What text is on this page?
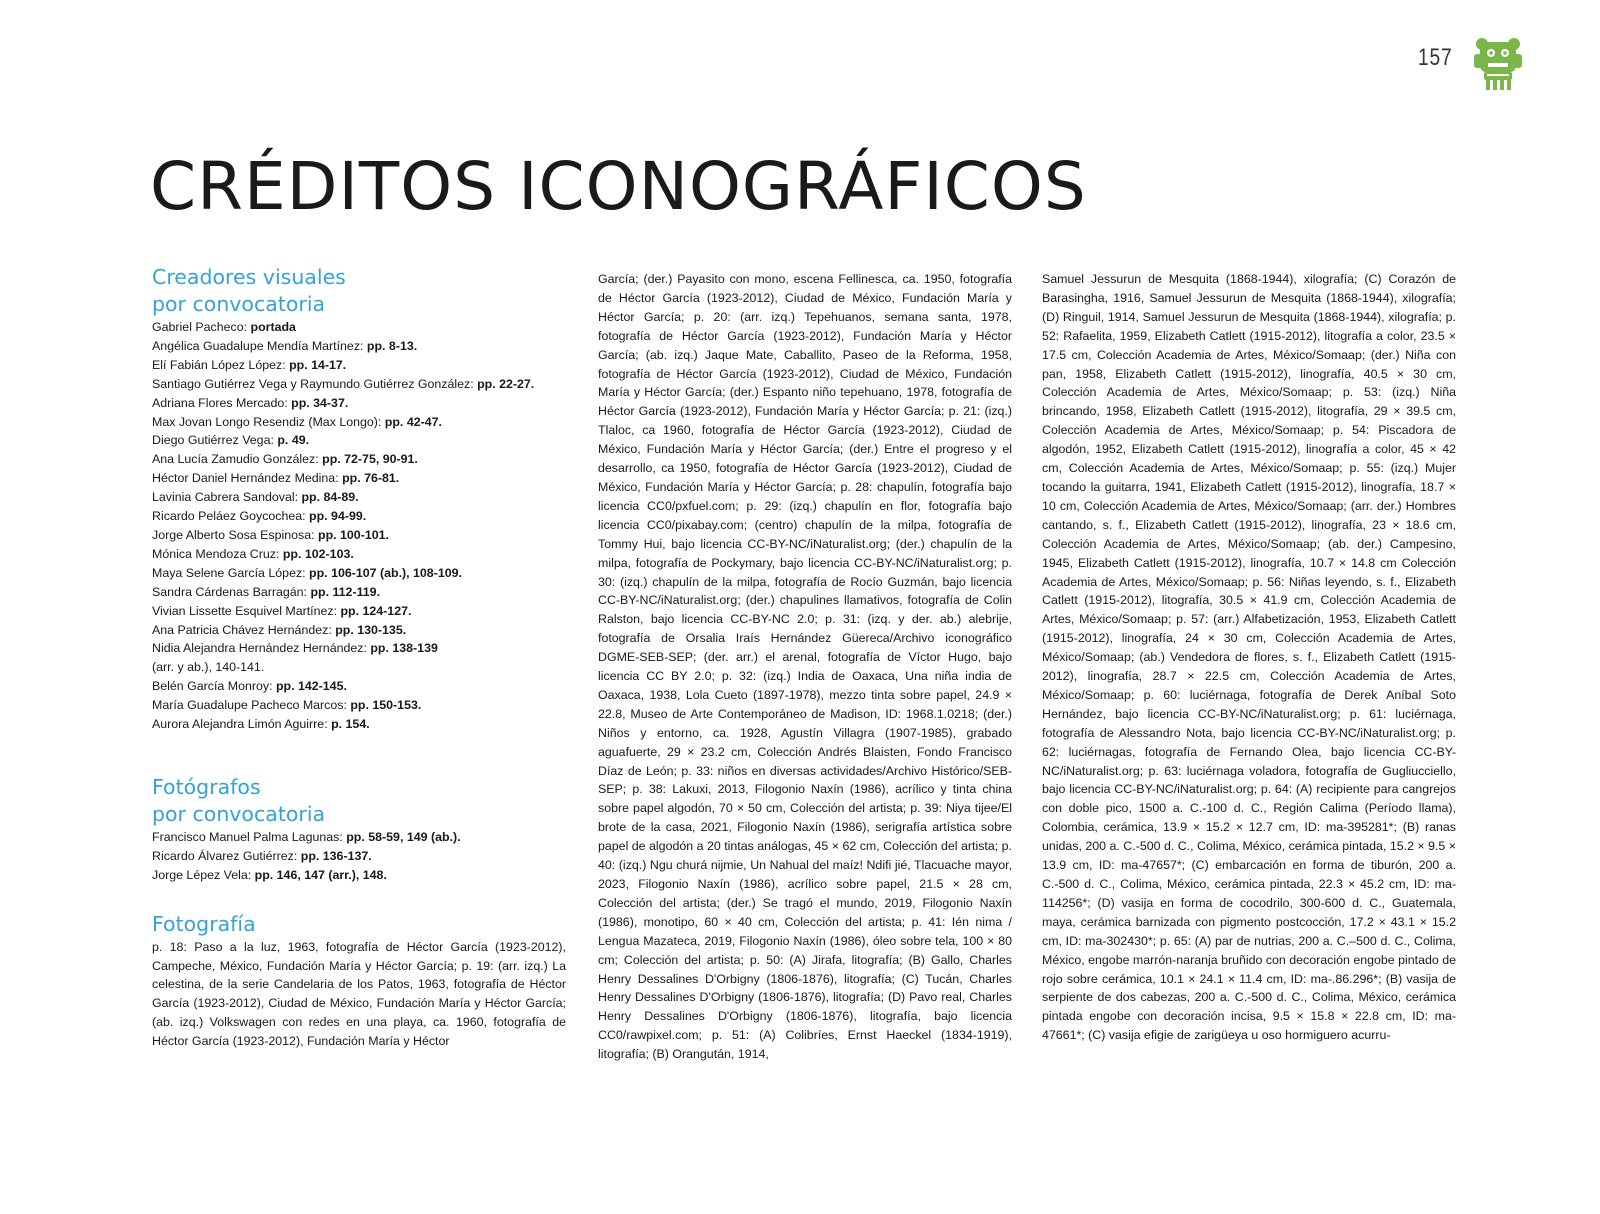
157
CRÉDITOS ICONOGRÁFICOS
Creadores visuales
por convocatoria
Gabriel Pacheco: portada
Angélica Guadalupe Mendía Martínez: pp. 8-13.
Elí Fabián López López: pp. 14-17.
Santiago Gutiérrez Vega y Raymundo Gutiérrez González: pp. 22-27.
Adriana Flores Mercado: pp. 34-37.
Max Jovan Longo Resendiz (Max Longo): pp. 42-47.
Diego Gutiérrez Vega: p. 49.
Ana Lucía Zamudio González: pp. 72-75, 90-91.
Héctor Daniel Hernández Medina: pp. 76-81.
Lavinia Cabrera Sandoval: pp. 84-89.
Ricardo Peláez Goycochea: pp. 94-99.
Jorge Alberto Sosa Espinosa: pp. 100-101.
Mónica Mendoza Cruz: pp. 102-103.
Maya Selene García López: pp. 106-107 (ab.), 108-109.
Sandra Cárdenas Barragán: pp. 112-119.
Vivian Lissette Esquivel Martínez: pp. 124-127.
Ana Patricia Chávez Hernández: pp. 130-135.
Nidia Alejandra Hernández Hernández: pp. 138-139
(arr. y ab.), 140-141.
Belén García Monroy: pp. 142-145.
María Guadalupe Pacheco Marcos: pp. 150-153.
Aurora Alejandra Limón Aguirre: p. 154.
Fotógrafos
por convocatoria
Francisco Manuel Palma Lagunas: pp. 58-59, 149 (ab.).
Ricardo Álvarez Gutiérrez: pp. 136-137.
Jorge Lépez Vela: pp. 146, 147 (arr.), 148.
Fotografía

p. 18: Paso a la luz, 1963, fotografía de Héctor García (1923-2012), Campeche, México, Fundación María y Héctor García; p. 19: (arr. izq.) La celestina, de la serie Candelaria de los Patos, 1963, fotografía de Héctor García (1923-2012), Ciudad de México, Fundación María y Héctor García; (ab. izq.) Volkswagen con redes en una playa, ca. 1960, fotografía de Héctor García (1923-2012), Fundación María y Héctor

García; (der.) Payasito con mono, escena Fellinesca, ca. 1950, fotografía de Héctor García (1923-2012), Ciudad de México, Fundación María y Héctor García; p. 20: (arr. izq.) Tepehuanos, semana santa, 1978, fotografía de Héctor García (1923-2012), Fundación María y Héctor García; (ab. izq.) Jaque Mate, Caballito, Paseo de la Reforma, 1958, fotografía de Héctor García (1923-2012), Ciudad de México, Fundación María y Héctor García; (der.) Espanto niño tepehuano, 1978, fotografía de Héctor García (1923-2012), Fundación María y Héctor García; p. 21: (izq.) Tlaloc, ca 1960, fotografía de Héctor García (1923-2012), Ciudad de México, Fundación María y Héctor García; (der.) Entre el progreso y el desarrollo, ca 1950, fotografía de Héctor García (1923-2012), Ciudad de México, Fundación María y Héctor García; p. 28: chapulín, fotografía bajo licencia CC0/pxfuel.com; p. 29: (izq.) chapulín en flor, fotografía bajo licencia CC0/pixabay.com; (centro) chapulín de la milpa, fotografía de Tommy Hui, bajo licencia CC-BY-NC/iNaturalist.org; (der.) chapulín de la milpa, fotografía de Pockymary, bajo licencia CC-BY-NC/iNaturalist.org; p. 30: (izq.) chapulín de la milpa, fotografía de Rocío Guzmán, bajo licencia CC-BY-NC/iNaturalist.org; (der.) chapulines llamativos, fotografía de Colin Ralston, bajo licencia CC-BY-NC 2.0; p. 31: (izq. y der. ab.) alebrije, fotografía de Orsalia Iraís Hernández Güereca/Archivo iconográfico DGME-SEB-SEP; (der. arr.) el arenal, fotografía de Víctor Hugo, bajo licencia CC BY 2.0; p. 32: (izq.) India de Oaxaca, Una niña india de Oaxaca, 1938, Lola Cueto (1897-1978), mezzo tinta sobre papel, 24.9 × 22.8, Museo de Arte Contemporáneo de Madison, ID: 1968.1.0218; (der.) Niños y entorno, ca. 1928, Agustín Villagra (1907-1985), grabado aguafuerte, 29 × 23.2 cm, Colección Andrés Blaisten, Fondo Francisco Díaz de León; p. 33: niños en diversas actividades/Archivo Histórico/SEB-SEP; p. 38: Lakuxi, 2013, Filogonio Naxín (1986), acrílico y tinta china sobre papel algodón, 70 × 50 cm, Colección del artista; p. 39: Niya tijee/El brote de la casa, 2021, Filogonio Naxín (1986), serigrafía artística sobre papel de algodón a 20 tintas análogas, 45 × 62 cm, Colección del artista; p. 40: (izq.) Ngu churá nijmie, Un Nahual del maíz! Ndifi jié, Tlacuache mayor, 2023, Filogonio Naxín (1986), acrílico sobre papel, 21.5 × 28 cm, Colección del artista; (der.) Se tragó el mundo, 2019, Filogonio Naxín (1986), monotipo, 60 × 40 cm, Colección del artista; p. 41: Ién nima / Lengua Mazateca, 2019, Filogonio Naxín (1986), óleo sobre tela, 100 × 80 cm; Colección del artista; p. 50: (A) Jirafa, litografía; (B) Gallo, Charles Henry Dessalines D'Orbigny (1806-1876), litografía; (C) Tucán, Charles Henry Dessalines D'Orbigny (1806-1876), litografía; (D) Pavo real, Charles Henry Dessalines D'Orbigny (1806-1876), litografía, bajo licencia CC0/rawpixel.com; p. 51: (A) Colibríes, Ernst Haeckel (1834-1919), litografía; (B) Orangután, 1914,

Samuel Jessurun de Mesquita (1868-1944), xilografía; (C) Corazón de Barasingha, 1916, Samuel Jessurun de Mesquita (1868-1944), xilografía; (D) Ringuil, 1914, Samuel Jessurun de Mesquita (1868-1944), xilografía; p. 52: Rafaelita, 1959, Elizabeth Catlett (1915-2012), litografía a color, 23.5 × 17.5 cm, Colección Academia de Artes, México/Somaap; (der.) Niña con pan, 1958, Elizabeth Catlett (1915-2012), linografía, 40.5 × 30 cm, Colección Academia de Artes, México/Somaap; p. 53: (izq.) Niña brincando, 1958, Elizabeth Catlett (1915-2012), litografía, 29 × 39.5 cm, Colección Academia de Artes, México/Somaap; p. 54: Piscadora de algodón, 1952, Elizabeth Catlett (1915-2012), linografía a color, 45 × 42 cm, Colección Academia de Artes, México/Somaap; p. 55: (izq.) Mujer tocando la guitarra, 1941, Elizabeth Catlett (1915-2012), linografía, 18.7 × 10 cm, Colección Academia de Artes, México/Somaap; (arr. der.) Hombres cantando, s. f., Elizabeth Catlett (1915-2012), linografía, 23 × 18.6 cm, Colección Academia de Artes, México/Somaap; (ab. der.) Campesino, 1945, Elizabeth Catlett (1915-2012), linografía, 10.7 × 14.8 cm Colección Academia de Artes, México/Somaap; p. 56: Niñas leyendo, s. f., Elizabeth Catlett (1915-2012), litografía, 30.5 × 41.9 cm, Colección Academia de Artes, México/Somaap; p. 57: (arr.) Alfabetización, 1953, Elizabeth Catlett (1915-2012), linografía, 24 × 30 cm, Colección Academia de Artes, México/Somaap; (ab.) Vendedora de flores, s. f., Elizabeth Catlett (1915-2012), linografía, 28.7 × 22.5 cm, Colección Academia de Artes, México/Somaap; p. 60: luciérnaga, fotografía de Derek Aníbal Soto Hernández, bajo licencia CC-BY-NC/iNaturalist.org; p. 61: luciérnaga, fotografía de Alessandro Nota, bajo licencia CC-BY-NC/iNaturalist.org; p. 62: luciérnagas, fotografía de Fernando Olea, bajo licencia CC-BY-NC/iNaturalist.org; p. 63: luciérnaga voladora, fotografía de Gugliucciello, bajo licencia CC-BY-NC/iNaturalist.org; p. 64: (A) recipiente para cangrejos con doble pico, 1500 a. C.-100 d. C., Región Calima (Período llama), Colombia, cerámica, 13.9 × 15.2 × 12.7 cm, ID: ma-395281*; (B) ranas unidas, 200 a. C.-500 d. C., Colima, México, cerámica pintada, 15.2 × 9.5 × 13.9 cm, ID: ma-47657*; (C) embarcación en forma de tiburón, 200 a. C.-500 d. C., Colima, México, cerámica pintada, 22.3 × 45.2 cm, ID: ma-114256*; (D) vasija en forma de cocodrilo, 300-600 d. C., Guatemala, maya, cerámica barnizada con pigmento postcocción, 17.2 × 43.1 × 15.2 cm, ID: ma-302430*; p. 65: (A) par de nutrias, 200 a. C.–500 d. C., Colima, México, engobe marrón-naranja bruñido con decoración engobe pintado de rojo sobre cerámica, 10.1 × 24.1 × 11.4 cm, ID: ma-.86.296*; (B) vasija de serpiente de dos cabezas, 200 a. C.-500 d. C., Colima, México, cerámica pintada engobe con decoración incisa, 9.5 × 15.8 × 22.8 cm, ID: ma-47661*; (C) vasija efigie de zarigüeya u oso hormiguero acurru-
